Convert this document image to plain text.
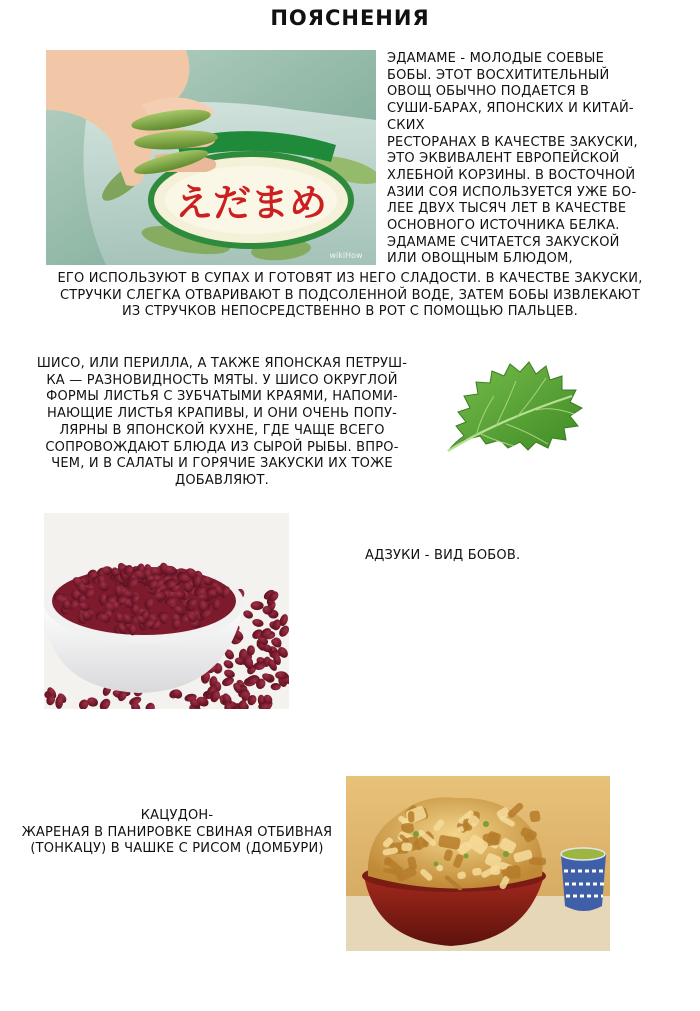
ПОЯСНЕНИЯ
えだまめ
wikiHow
ЭДАМАМЕ - МОЛОДЫЕ СОЕВЫЕ
БОБЫ. ЭТОТ ВОСХИТИТЕЛЬНЫЙ
ОВОЩ ОБЫЧНО ПОДАЕТСЯ В
СУШИ-БАРАХ, ЯПОНСКИХ И КИТАЙ-
СКИХ
РЕСТОРАНАХ В КАЧЕСТВЕ ЗАКУСКИ,
ЭТО ЭКВИВАЛЕНТ ЕВРОПЕЙСКОЙ
ХЛЕБНОЙ КОРЗИНЫ. В ВОСТОЧНОЙ
АЗИИ СОЯ ИСПОЛЬЗУЕТСЯ УЖЕ БО-
ЛЕЕ ДВУХ ТЫСЯЧ ЛЕТ В КАЧЕСТВЕ
ОСНОВНОГО ИСТОЧНИКА БЕЛКА.
ЭДАМАМЕ СЧИТАЕТСЯ ЗАКУСКОЙ
ИЛИ ОВОЩНЫМ БЛЮДОМ,
ЕГО ИСПОЛЬЗУЮТ В СУПАХ И ГОТОВЯТ ИЗ НЕГО СЛАДОСТИ. В КАЧЕСТВЕ ЗАКУСКИ,
СТРУЧКИ СЛЕГКА ОТВАРИВАЮТ В ПОДСОЛЕННОЙ ВОДЕ, ЗАТЕМ БОБЫ ИЗВЛЕКАЮТ
ИЗ СТРУЧКОВ НЕПОСРЕДСТВЕННО В РОТ С ПОМОЩЬЮ ПАЛЬЦЕВ.
ШИСО, ИЛИ ПЕРИЛЛА, А ТАКЖЕ ЯПОНСКАЯ ПЕТРУШ-
КА — РАЗНОВИДНОСТЬ МЯТЫ. У ШИСО ОКРУГЛОЙ
ФОРМЫ ЛИСТЬЯ С ЗУБЧАТЫМИ КРАЯМИ, НАПОМИ-
НАЮЩИЕ ЛИСТЬЯ КРАПИВЫ, И ОНИ ОЧЕНЬ ПОПУ-
ЛЯРНЫ В ЯПОНСКОЙ КУХНЕ, ГДЕ ЧАЩЕ ВСЕГО
СОПРОВОЖДАЮТ БЛЮДА ИЗ СЫРОЙ РЫБЫ. ВПРО-
ЧЕМ, И В САЛАТЫ И ГОРЯЧИЕ ЗАКУСКИ ИХ ТОЖЕ
ДОБАВЛЯЮТ.
АДЗУКИ - ВИД БОБОВ.
КАЦУДОН-
ЖАРЕНАЯ В ПАНИРОВКЕ СВИНАЯ ОТБИВНАЯ
(ТОНКАЦУ) В ЧАШКЕ С РИСОМ (ДОМБУРИ)
